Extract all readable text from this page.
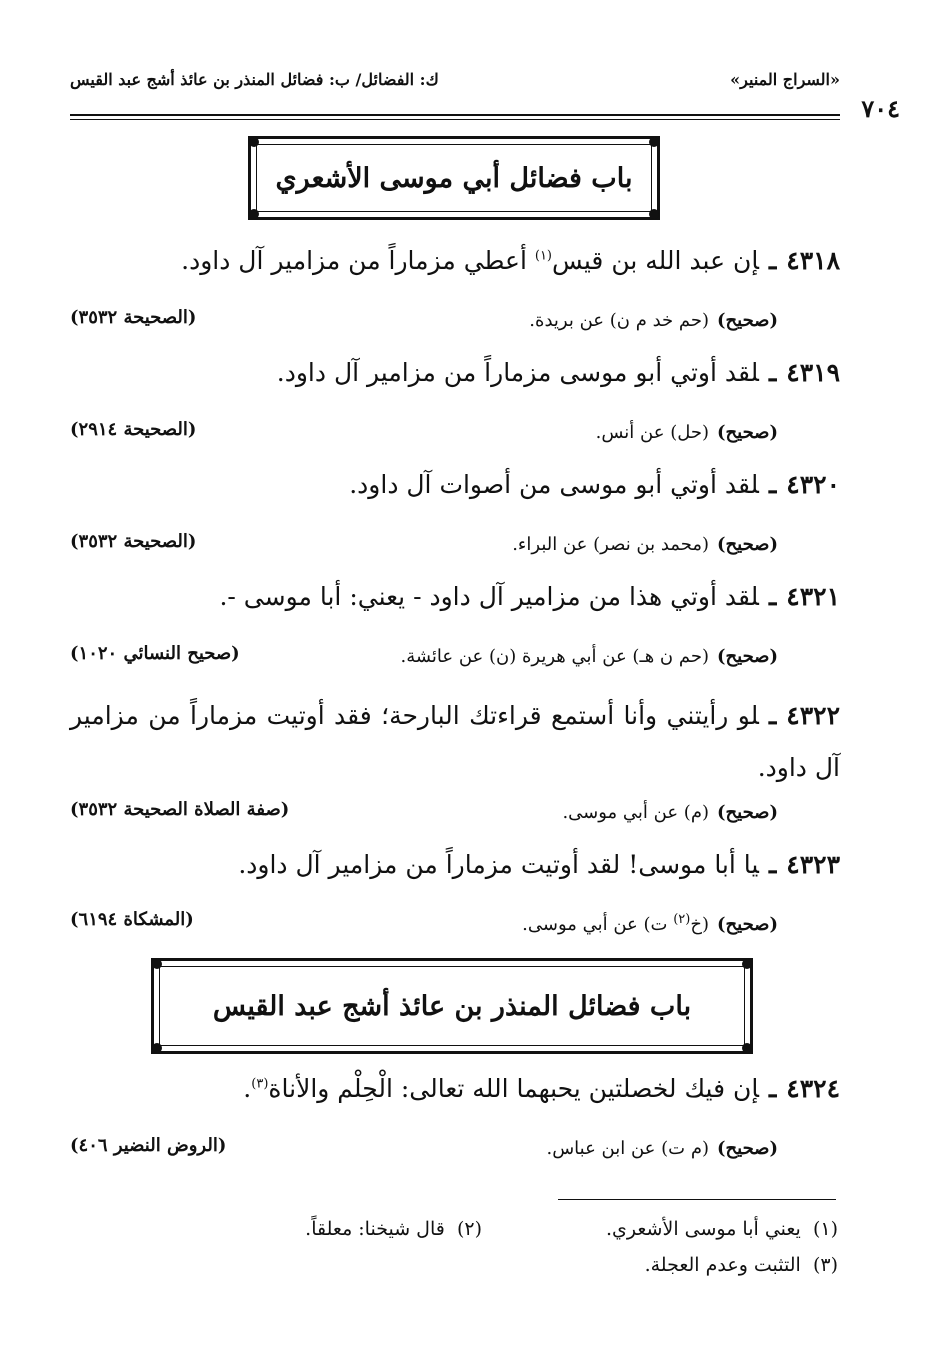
«السراج المنير»
ك: الفضائل/ ب: فضائل المنذر بن عائذ أشج عبد القيس
٧٠٤
باب فضائل أبي موسى الأشعري
٤٣١٨ـإن عبد الله بن قيس$^{(١)}$ أعطي مزماراً من مزامير آل داود.
(صحيح)(حم خد م ن) عن بريدة.
(الصحيحة ٣٥٣٢)
٤٣١٩ـلقد أوتي أبو موسى مزماراً من مزامير آل داود.
(صحيح)(حل) عن أنس.
(الصحيحة ٢٩١٤)
٤٣٢٠ـلقد أوتي أبو موسى من أصوات آل داود.
(صحيح)(محمد بن نصر) عن البراء.
(الصحيحة ٣٥٣٢)
٤٣٢١ـلقد أوتي هذا من مزامير آل داود - يعني: أبا موسى -.
(صحيح)(حم ن هـ) عن أبي هريرة (ن) عن عائشة.
(صحيح النسائي ١٠٢٠)
٤٣٢٢ـلو رأيتني وأنا أستمع قراءتك البارحة؛ فقد أوتيت مزماراً من مزامير آل داود.
(صحيح)(م) عن أبي موسى.
(صفة الصلاة الصحيحة ٣٥٣٢)
٤٣٢٣ـيا أبا موسى! لقد أوتيت مزماراً من مزامير آل داود.
(صحيح)(خ$^{(٢)}$ ت) عن أبي موسى.
(المشكاة ٦١٩٤)
باب فضائل المنذر بن عائذ أشج عبد القيس
٤٣٢٤ـإن فيك لخصلتين يحبهما الله تعالى: الْحِلْم والأناة$^{(٣)}$.
(صحيح)(م ت) عن ابن عباس.
(الروض النضير ٤٠٦)
(١)  يعني أبا موسى الأشعري.
(٢)  قال شيخنا: معلقاً.
(٣)  التثبت وعدم العجلة.
